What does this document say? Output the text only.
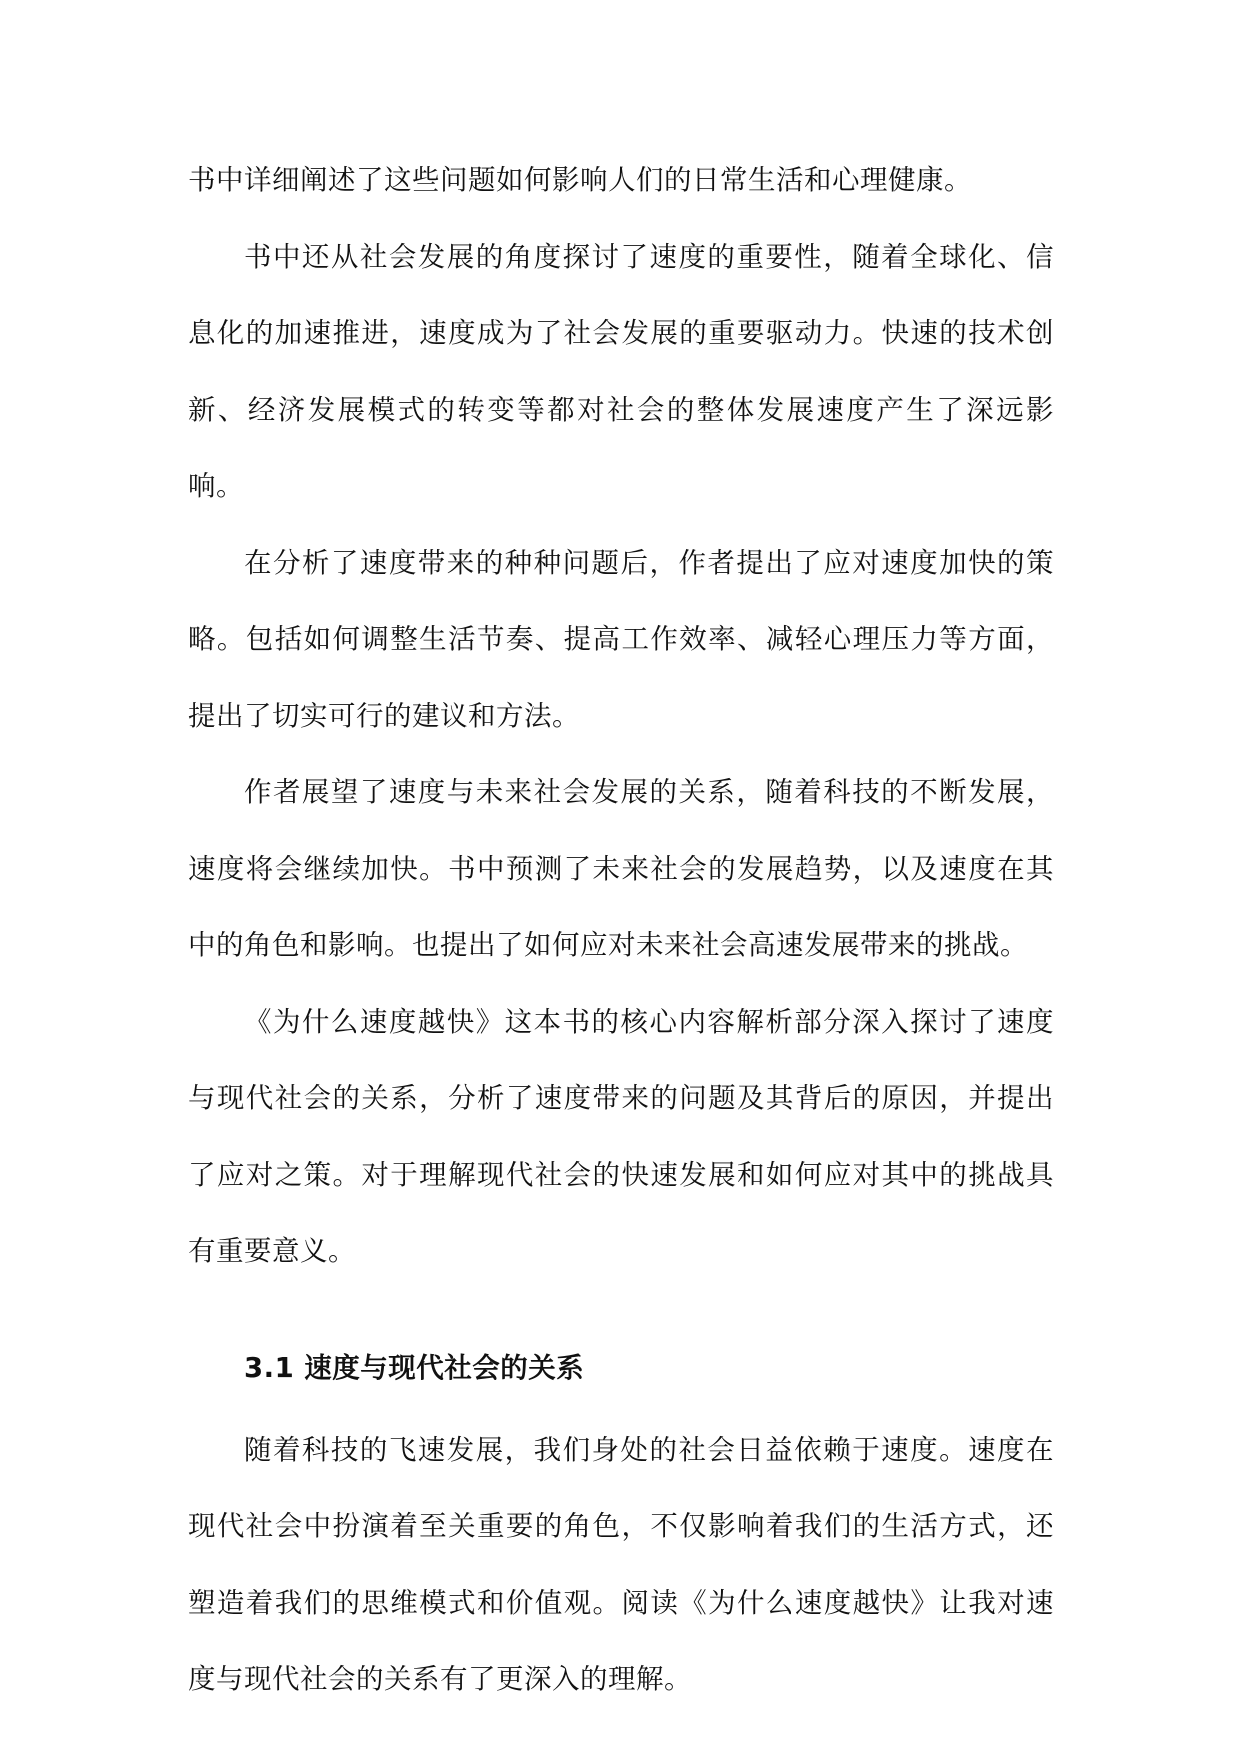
书中详细阐述了这些问题如何影响人们的日常生活和心理健康。

书中还从社会发展的角度探讨了速度的重要性，随着全球化、信息化的加速推进，速度成为了社会发展的重要驱动力。快速的技术创新、经济发展模式的转变等都对社会的整体发展速度产生了深远影响。

在分析了速度带来的种种问题后，作者提出了应对速度加快的策略。包括如何调整生活节奏、提高工作效率、减轻心理压力等方面，提出了切实可行的建议和方法。

作者展望了速度与未来社会发展的关系，随着科技的不断发展，速度将会继续加快。书中预测了未来社会的发展趋势，以及速度在其中的角色和影响。也提出了如何应对未来社会高速发展带来的挑战。

《为什么速度越快》这本书的核心内容解析部分深入探讨了速度与现代社会的关系，分析了速度带来的问题及其背后的原因，并提出了应对之策。对于理解现代社会的快速发展和如何应对其中的挑战具有重要意义。

3.1 速度与现代社会的关系

随着科技的飞速发展，我们身处的社会日益依赖于速度。速度在现代社会中扮演着至关重要的角色，不仅影响着我们的生活方式，还塑造着我们的思维模式和价值观。阅读《为什么速度越快》让我对速度与现代社会的关系有了更深入的理解。
